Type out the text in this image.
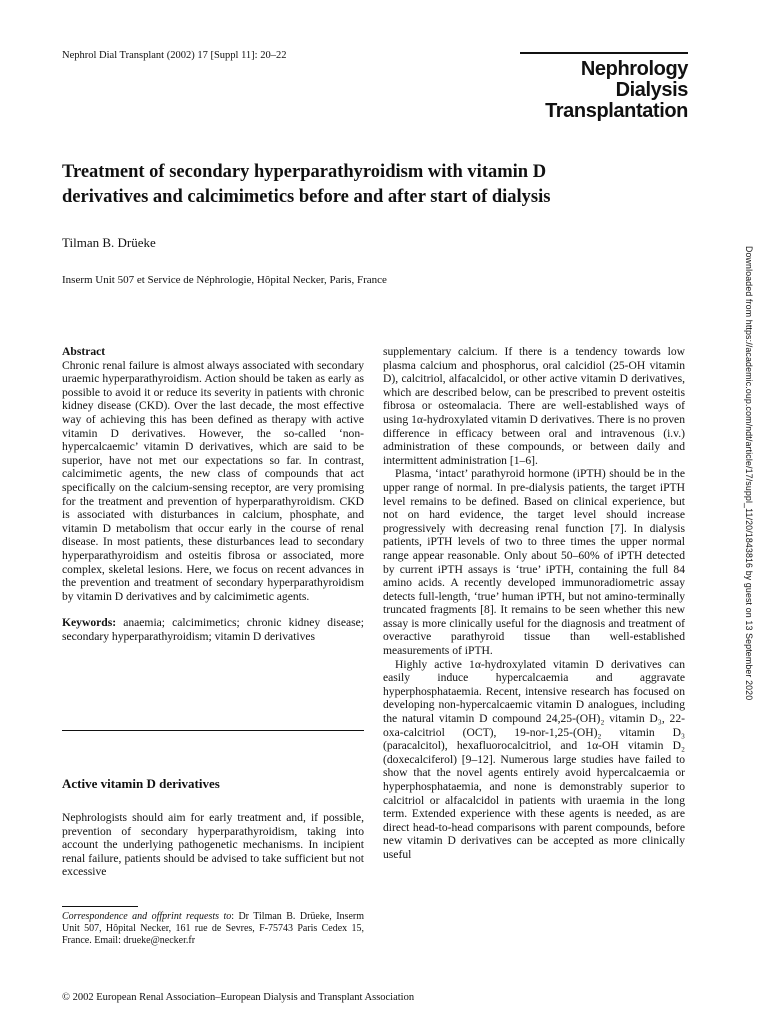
Nephrol Dial Transplant (2002) 17 [Suppl 11]: 20–22
Nephrology
Dialysis
Transplantation
Treatment of secondary hyperparathyroidism with vitamin D
derivatives and calcimimetics before and after start of dialysis
Tilman B. Drüeke
Inserm Unit 507 et Service de Néphrologie, Hôpital Necker, Paris, France	Downloaded from https://academic.oup.com/ndt/article/17/suppl_11/20/1843816 by guest on 13 September 2020

Abstract

Chronic renal failure is almost always associated with secondary uraemic hyperparathyroidism. Action should be taken as early as possible to avoid it or reduce its severity in patients with chronic kidney disease (CKD). Over the last decade, the most effective way of achieving this has been defined as therapy with active vitamin D derivatives. However, the so-called ‘non-hypercalcaemic’ vitamin D derivatives, which are said to be superior, have not met our expectations so far. In contrast, calcimimetic agents, the new class of compounds that act specifically on the calcium-sensing receptor, are very promising for the treatment and prevention of hyperparathyroidism. CKD is associated with disturbances in calcium, phosphate, and vitamin D metabolism that occur early in the course of renal disease. In most patients, these disturbances lead to secondary hyperparathyroidism and osteitis fibrosa or associated, more complex, skeletal lesions. Here, we focus on recent advances in the prevention and treatment of secondary hyperparathyroidism by vitamin D derivatives and by calcimimetic agents.

Keywords: anaemia; calcimimetics; chronic kidney disease; secondary hyperparathyroidism; vitamin D derivatives

Active vitamin D derivatives

Nephrologists should aim for early treatment and, if possible, prevention of secondary hyperparathyroidism, taking into account the underlying pathogenetic mechanisms. In incipient renal failure, patients should be advised to take sufficient but not excessive

Correspondence and offprint requests to: Dr Tilman B. Drüeke, Inserm Unit 507, Hôpital Necker, 161 rue de Sevres, F-75743 Paris Cedex 15, France. Email: drueke@necker.fr

supplementary calcium. If there is a tendency towards low plasma calcium and phosphorus, oral calcidiol (25-OH vitamin D), calcitriol, alfacalcidol, or other active vitamin D derivatives, which are described below, can be prescribed to prevent osteitis fibrosa or osteomalacia. There are well-established ways of using 1α-hydroxylated vitamin D derivatives. There is no proven difference in efficacy between oral and intravenous (i.v.) administration of these compounds, or between daily and intermittent administration [1–6].

Plasma, ‘intact’ parathyroid hormone (iPTH) should be in the upper range of normal. In pre-dialysis patients, the target iPTH level remains to be defined. Based on clinical experience, but not on hard evidence, the target level should increase progressively with decreasing renal function [7]. In dialysis patients, iPTH levels of two to three times the upper normal range appear reasonable. Only about 50–60% of iPTH detected by current iPTH assays is ‘true’ iPTH, containing the full 84 amino acids. A recently developed immunoradiometric assay detects full-length, ‘true’ human iPTH, but not amino-terminally truncated fragments [8]. It remains to be seen whether this new assay is more clinically useful for the diagnosis and treatment of overactive parathyroid tissue than well-established measurements of iPTH.

Highly active 1α-hydroxylated vitamin D derivatives can easily induce hypercalcaemia and aggravate hyperphosphataemia. Recent, intensive research has focused on developing non-hypercalcaemic vitamin D analogues, including the natural vitamin D compound 24,25-(OH)₂ vitamin D₃, 22-oxa-calcitriol (OCT), 19-nor-1,25-(OH)₂ vitamin D₃ (paracalcitol), hexafluorocalcitriol, and 1α-OH vitamin D₂ (doxecalciferol) [9–12]. Numerous large studies have failed to show that the novel agents entirely avoid hypercalcaemia or hyperphosphataemia, and none is demonstrably superior to calcitriol or alfacalcidol in patients with uraemia in the long term. Extended experience with these agents is needed, as are direct head-to-head comparisons with parent compounds, before new vitamin D derivatives can be accepted as more clinically useful

© 2002 European Renal Association–European Dialysis and Transplant Association
